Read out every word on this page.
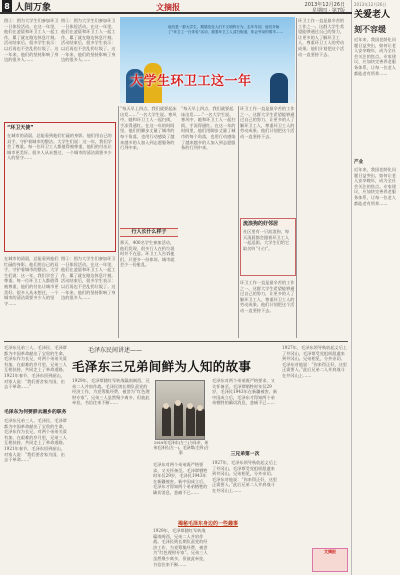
8 人间万象	文摘报	2013年12月26日
星期四 · 第7版
图①：图为大学生们参加环卫一日体验活动。在这一年里，他们在凌晨和环卫工人一起工作，累了就在路边休息片刻。活动结束后，很多学生表示：以后再也不会乱扔垃圾了。这一年来，他们的坚持影响了身边的很多人……
图①：图为大学生们参加环卫一日体验活动。在这一年里，他们在凌晨和环卫工人一起工作，累了就在路边休息片刻。活动结束后，很多学生表示：以后再也不会乱扔垃圾了。这一年来，他们的坚持影响了身边的很多人……
他们是一群大学生，期望改变人们不文明的行为。去年年初，他们开始了“环卫工一日体验”活动，跟着环卫工人清扫街道，体会劳动的艰辛……
大学生环卫工这一年
“环卫天使”
在城市的清晨，总能看到他们忙碌的身影。他们用自己的双手，守护着城市的整洁。大学生们说：这一年，我们学会了尊重。每一位环卫工人都值得被尊重，他们的付出让城市更美好。很多人从未想过，一个城市的清洁需要多少人的坚守……
在城市的清晨，总能看到他们忙碌的身影。他们用自己的双手，守护着城市的整洁。大学生们说：这一年，我们学会了尊重。每一位环卫工人都值得被尊重，他们的付出让城市更美好。很多人从未想过，一个城市的清洁需要多少人的坚守……
图①：图为大学生们参加环卫一日体验活动。在这一年里，他们在凌晨和环卫工人一起工作，累了就在路边休息片刻。活动结束后，很多学生表示：以后再也不会乱扔垃圾了。这一年来，他们的坚持影响了身边的很多人……
“每天早上四点，我们就要起床出发……”一名大学生说。寒风中，她和环卫工人一起扫街，手冻得通红。在这一年的时间里，他们用脚步丈量了城市的每个角落，也用行动感染了越来越多的人加入到志愿服务的行列中来。
行人长什么样子
那天，400名学生参加活动，他们发现，很多行人在扔垃圾时并不在意。环卫工人告诉他们，只要多一份体谅，城市就会少一份脏乱。
“每天早上四点，我们就要起床出发……”一名大学生说。寒风中，她和环卫工人一起扫街，手冻得通红。在这一年的时间里，他们用脚步丈量了城市的每个角落，也用行动感染了越来越多的人加入到志愿服务的行列中来。
环卫工作一直是最辛苦的工作之一。这群大学生希望能够通过自己的努力，让更多的人了解环卫工人，尊重环卫工人的劳动成果。他们计划把这个活动一直坚持下去。
流浪狗的好邻居
社区里有一只流浪狗，每天清晨都会跟着环卫工人一起巡街。大学生们给它取名叫“小白”。
环卫工作一直是最辛苦的工作之一。这群大学生希望能够通过自己的努力，让更多的人了解环卫工人，尊重环卫工人的劳动成果。他们计划把这个活动一直坚持下去。
环卫工作一直是最辛苦的工作之一。这群大学生希望能够通过自己的努力，让更多的人了解环卫工人，尊重环卫工人的劳动成果。他们计划把这个活动一直坚持下去。
毛泽东民间讲述——
毛泽东三兄弟间鲜为人知的故事
毛泽东兄弟三人，毛泽民、毛泽覃都为中国革命献出了宝贵的生命。毛泽东作为长兄，对两个弟弟关爱有加，在艰难的岁月里，兄弟三人互相扶持，共同走上了革命道路。1921年春节，毛泽东回到韶山，对家人说：“我们要舍家为国，出去干革命……”
毛泽东为何要辞去湘乡的职务
毛泽东兄弟三人，毛泽民、毛泽覃都为中国革命献出了宝贵的生命。毛泽东作为长兄，对两个弟弟关爱有加，在艰难的岁月里，兄弟三人互相扶持，共同走上了革命道路。1921年春节，毛泽东回到韶山，对家人说：“我们要舍家为国，出去干革命……”
1929年，毛泽覃随红军转战赣南闽西，兄弟二人并肩作战。毛泽民则长期负责党的经济工作，为党筹集经费，被誉为“红色理财专家”。兄弟三人虽然聚少离多，但彼此牵挂，书信往来不断……
1919年毛泽东(左三)与母亲、弟弟毛泽民(左一)、毛泽覃(左四)合影
毛泽东对两个弟弟既严格要求，又关怀备至。毛泽覃牺牲时年仅29岁，毛泽民1943年在新疆被害。新中国成立后，毛泽东才得知两个弟弟牺牲的确切消息，悲痛不已……
揭秘毛泽东身边的一些趣事
1929年，毛泽覃随红军转战赣南闽西，兄弟二人并肩作战。毛泽民则长期负责党的经济工作，为党筹集经费，被誉为“红色理财专家”。兄弟三人虽然聚少离多，但彼此牵挂，书信往来不断……
毛泽东对两个弟弟既严格要求，又关怀备至。毛泽覃牺牲时年仅29岁，毛泽民1943年在新疆被害。新中国成立后，毛泽东才得知两个弟弟牺牲的确切消息，悲痛不已……
三兄弟第一次
1927年，毛泽东领导秋收起义后上了井冈山，毛泽覃受党组织派遣来到井冈山。兄弟相见，分外亲切。毛泽东对他说：“你来得正好，这里正需要人。”此后兄弟二人并肩战斗在井冈山上……
1927年，毛泽东领导秋收起义后上了井冈山，毛泽覃受党组织派遣来到井冈山。兄弟相见，分外亲切。毛泽东对他说：“你来得正好，这里正需要人。”此后兄弟二人并肩战斗在井冈山上……
文摘报
2013年12月26日
关爱老人
刻不容缓
近年来，我国老龄化问题日益突出，如何让老人安享晚年，成为全社会关注的焦点。专家建议，应加快完善养老服务体系，让每一位老人都能老有所养……
产业
近年来，我国老龄化问题日益突出，如何让老人安享晚年，成为全社会关注的焦点。专家建议，应加快完善养老服务体系，让每一位老人都能老有所养……
